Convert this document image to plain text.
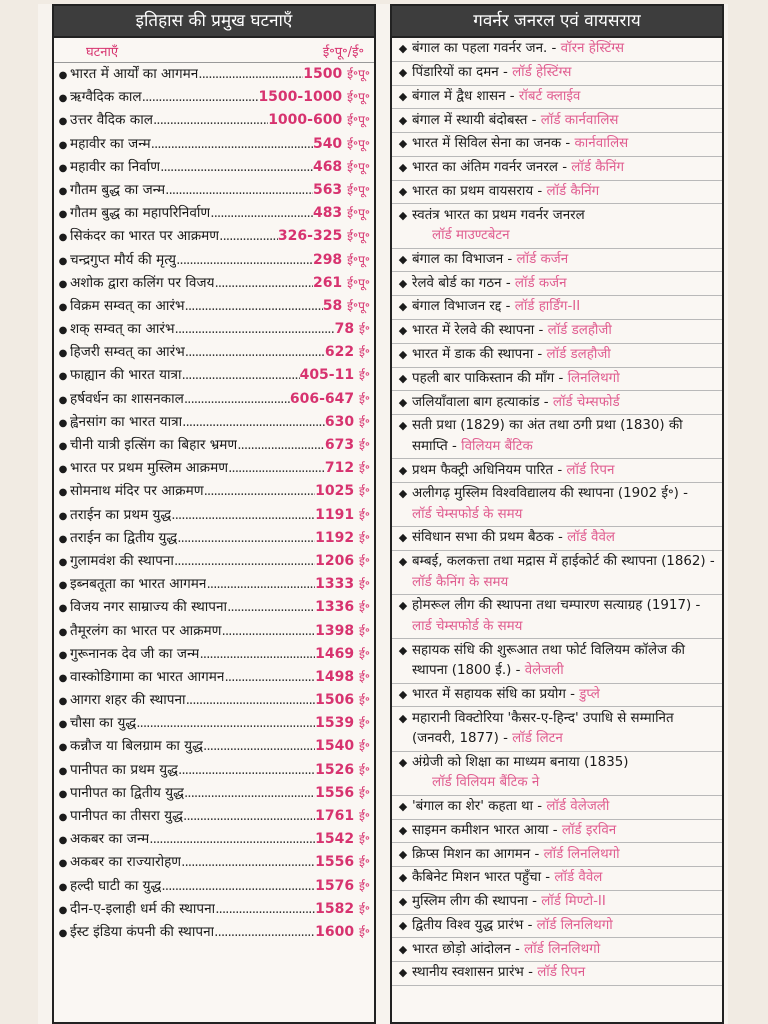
इतिहास की प्रमुख घटनाएँ
घटनाएँ	ई॰पू॰/ई॰
● भारत में आर्यों का आगमन .....	1500 ई॰पू॰
● ऋग्वैदिक काल .....	1500-1000 ई॰पू॰
● उत्तर वैदिक काल .....	1000-600 ई॰पू॰
● महावीर का जन्म .....	540 ई॰पू॰
● महावीर का निर्वाण .....	468 ई॰पू॰
● गौतम बुद्ध का जन्म .....	563 ई॰पू॰
● गौतम बुद्ध का महापरिनिर्वाण .....	483 ई॰पू॰
● सिकंदर का भारत पर आक्रमण .....	326-325 ई॰पू॰
● चन्द्रगुप्त मौर्य की मृत्यु .....	298 ई॰पू॰
● अशोक द्वारा कलिंग पर विजय .....	261 ई॰पू॰
● विक्रम सम्वत् का आरंभ .....	58 ई॰पू॰
● शक् सम्वत् का आरंभ .....	78 ई॰
● हिजरी सम्वत् का आरंभ .....	622 ई॰
● फाह्यान की भारत यात्रा .....	405-11 ई॰
● हर्षवर्धन का शासनकाल .....	606-647 ई॰
● ह्वेनसांग का भारत यात्रा .....	630 ई॰
● चीनी यात्री इत्सिंग का बिहार भ्रमण .....	673 ई॰
● भारत पर प्रथम मुस्लिम आक्रमण .....	712 ई॰
● सोमनाथ मंदिर पर आक्रमण .....	1025 ई॰
● तराईन का प्रथम युद्ध .....	1191 ई॰
● तराईन का द्वितीय युद्ध .....	1192 ई॰
● गुलामवंश की स्थापना .....	1206 ई॰
● इब्नबतूता का भारत आगमन .....	1333 ई॰
● विजय नगर साम्राज्य की स्थापना .....	1336 ई॰
● तैमूरलंग का भारत पर आक्रमण .....	1398 ई॰
● गुरूनानक देव जी का जन्म .....	1469 ई॰
● वास्कोडिगामा का भारत आगमन .....	1498 ई॰
● आगरा शहर की स्थापना .....	1506 ई॰
● चौसा का युद्ध .....	1539 ई॰
● कन्नौज या बिलग्राम का युद्ध .....	1540 ई॰
● पानीपत का प्रथम युद्ध .....	1526 ई॰
● पानीपत का द्वितीय युद्ध .....	1556 ई॰
● पानीपत का तीसरा युद्ध .....	1761 ई॰
● अकबर का जन्म .....	1542 ई॰
● अकबर का राज्यारोहण .....	1556 ई॰
● हल्दी घाटी का युद्ध .....	1576 ई॰
● दीन-ए-इलाही धर्म की स्थापना .....	1582 ई॰
● ईस्ट इंडिया कंपनी की स्थापना .....	1600 ई॰
गवर्नर जनरल एवं वायसराय
◆ बंगाल का पहला गवर्नर जन. - वॉरन हेस्टिंग्स
◆ पिंडारियों का दमन - लॉर्ड हेस्टिंग्स
◆ बंगाल में द्वैध शासन - रॉबर्ट क्लाईव
◆ बंगाल में स्थायी बंदोबस्त - लॉर्ड कार्नवालिस
◆ भारत में सिविल सेना का जनक - कार्नवालिस
◆ भारत का अंतिम गवर्नर जनरल - लॉर्ड कैनिंग
◆ भारत का प्रथम वायसराय - लॉर्ड कैनिंग
◆ स्वतंत्र भारत का प्रथम गवर्नर जनरल
लॉर्ड माउण्टबेटन
◆ बंगाल का विभाजन - लॉर्ड कर्जन
◆ रेलवे बोर्ड का गठन - लॉर्ड कर्जन
◆ बंगाल विभाजन रद्द - लॉर्ड हार्डिंग-II
◆ भारत में रेलवे की स्थापना - लॉर्ड डलहौजी
◆ भारत में डाक की स्थापना - लॉर्ड डलहौजी
◆ पहली बार पाकिस्तान की माँग - लिनलिथगो
◆ जलियाँवाला बाग हत्याकांड - लॉर्ड चेम्सफोर्ड
◆ सती प्रथा (1829) का अंत तथा ठगी प्रथा (1830) की समाप्ति - विलियम बैंटिक
◆ प्रथम फैक्ट्री अधिनियम पारित - लॉर्ड रिपन
◆ अलीगढ़ मुस्लिम विश्वविद्यालय की स्थापना (1902 ई॰) - लॉर्ड चेम्सफोर्ड के समय
◆ संविधान सभा की प्रथम बैठक - लॉर्ड वैवेल
◆ बम्बई, कलकत्ता तथा मद्रास में हाईकोर्ट की स्थापना (1862) - लॉर्ड कैनिंग के समय
◆ होमरूल लीग की स्थापना तथा चम्पारण सत्याग्रह (1917) - लार्ड चेम्सफोर्ड के समय
◆ सहायक संधि की शुरूआत तथा फोर्ट विलियम कॉलेज की स्थापना (1800 ई.) - वेलेजली
◆ भारत में सहायक संधि का प्रयोग - डुप्ले
◆ महारानी विक्टोरिया 'कैसर-ए-हिन्द' उपाधि से सम्मानित (जनवरी, 1877) - लॉर्ड लिटन
◆ अंग्रेजी को शिक्षा का माध्यम बनाया (1835)
लॉर्ड विलियम बैंटिक ने
◆ 'बंगाल का शेर' कहता था - लॉर्ड वेलेजली
◆ साइमन कमीशन भारत आया - लॉर्ड इरविन
◆ क्रिप्स मिशन का आगमन - लॉर्ड लिनलिथगो
◆ कैबिनेट मिशन भारत पहुँचा - लॉर्ड वैवेल
◆ मुस्लिम लीग की स्थापना - लॉर्ड मिण्टो-II
◆ द्वितीय विश्व युद्ध प्रारंभ - लॉर्ड लिनलिथगो
◆ भारत छोड़ो आंदोलन - लॉर्ड लिनलिथगो
◆ स्थानीय स्वशासन प्रारंभ - लॉर्ड रिपन
